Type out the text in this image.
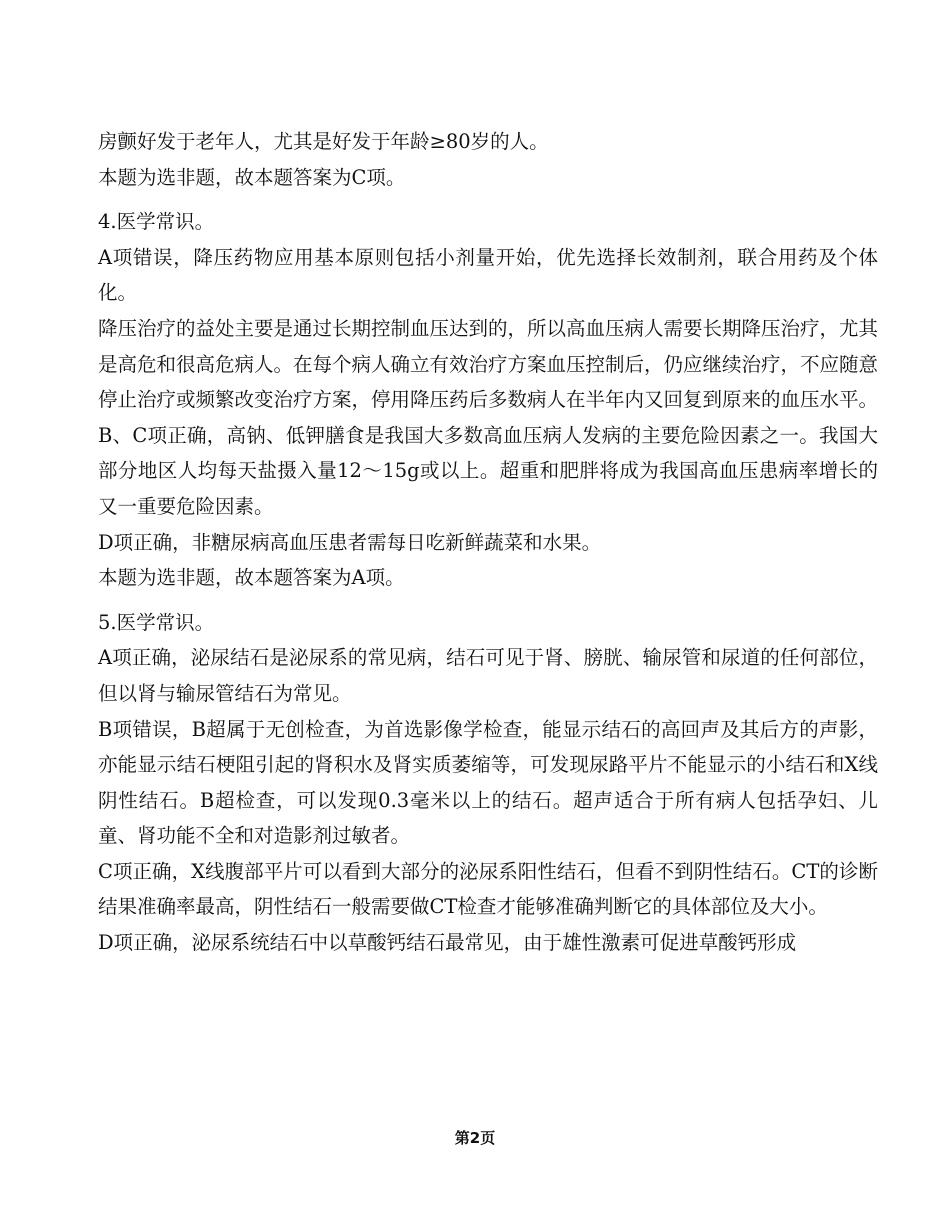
房颤好发于老年人，尤其是好发于年龄≥80岁的人。

本题为选非题，故本题答案为C项。

4.医学常识。

A项错误，降压药物应用基本原则包括小剂量开始，优先选择长效制剂，联合用药及个体化。

降压治疗的益处主要是通过长期控制血压达到的，所以高血压病人需要长期降压治疗，尤其是高危和很高危病人。在每个病人确立有效治疗方案血压控制后，仍应继续治疗，不应随意停止治疗或频繁改变治疗方案，停用降压药后多数病人在半年内又回复到原来的血压水平。

B、C项正确，高钠、低钾膳食是我国大多数高血压病人发病的主要危险因素之一。我国大部分地区人均每天盐摄入量12～15g或以上。超重和肥胖将成为我国高血压患病率增长的又一重要危险因素。

D项正确，非糖尿病高血压患者需每日吃新鲜蔬菜和水果。

本题为选非题，故本题答案为A项。

5.医学常识。

A项正确，泌尿结石是泌尿系的常见病，结石可见于肾、膀胱、输尿管和尿道的任何部位，但以肾与输尿管结石为常见。

B项错误，B超属于无创检查，为首选影像学检查，能显示结石的高回声及其后方的声影，亦能显示结石梗阻引起的肾积水及肾实质萎缩等，可发现尿路平片不能显示的小结石和X线阴性结石。B超检查，可以发现0.3毫米以上的结石。超声适合于所有病人包括孕妇、儿童、肾功能不全和对造影剂过敏者。

C项正确，X线腹部平片可以看到大部分的泌尿系阳性结石，但看不到阴性结石。CT的诊断结果准确率最高，阴性结石一般需要做CT检查才能够准确判断它的具体部位及大小。

D项正确，泌尿系统结石中以草酸钙结石最常见，由于雄性激素可促进草酸钙形成

第2页
